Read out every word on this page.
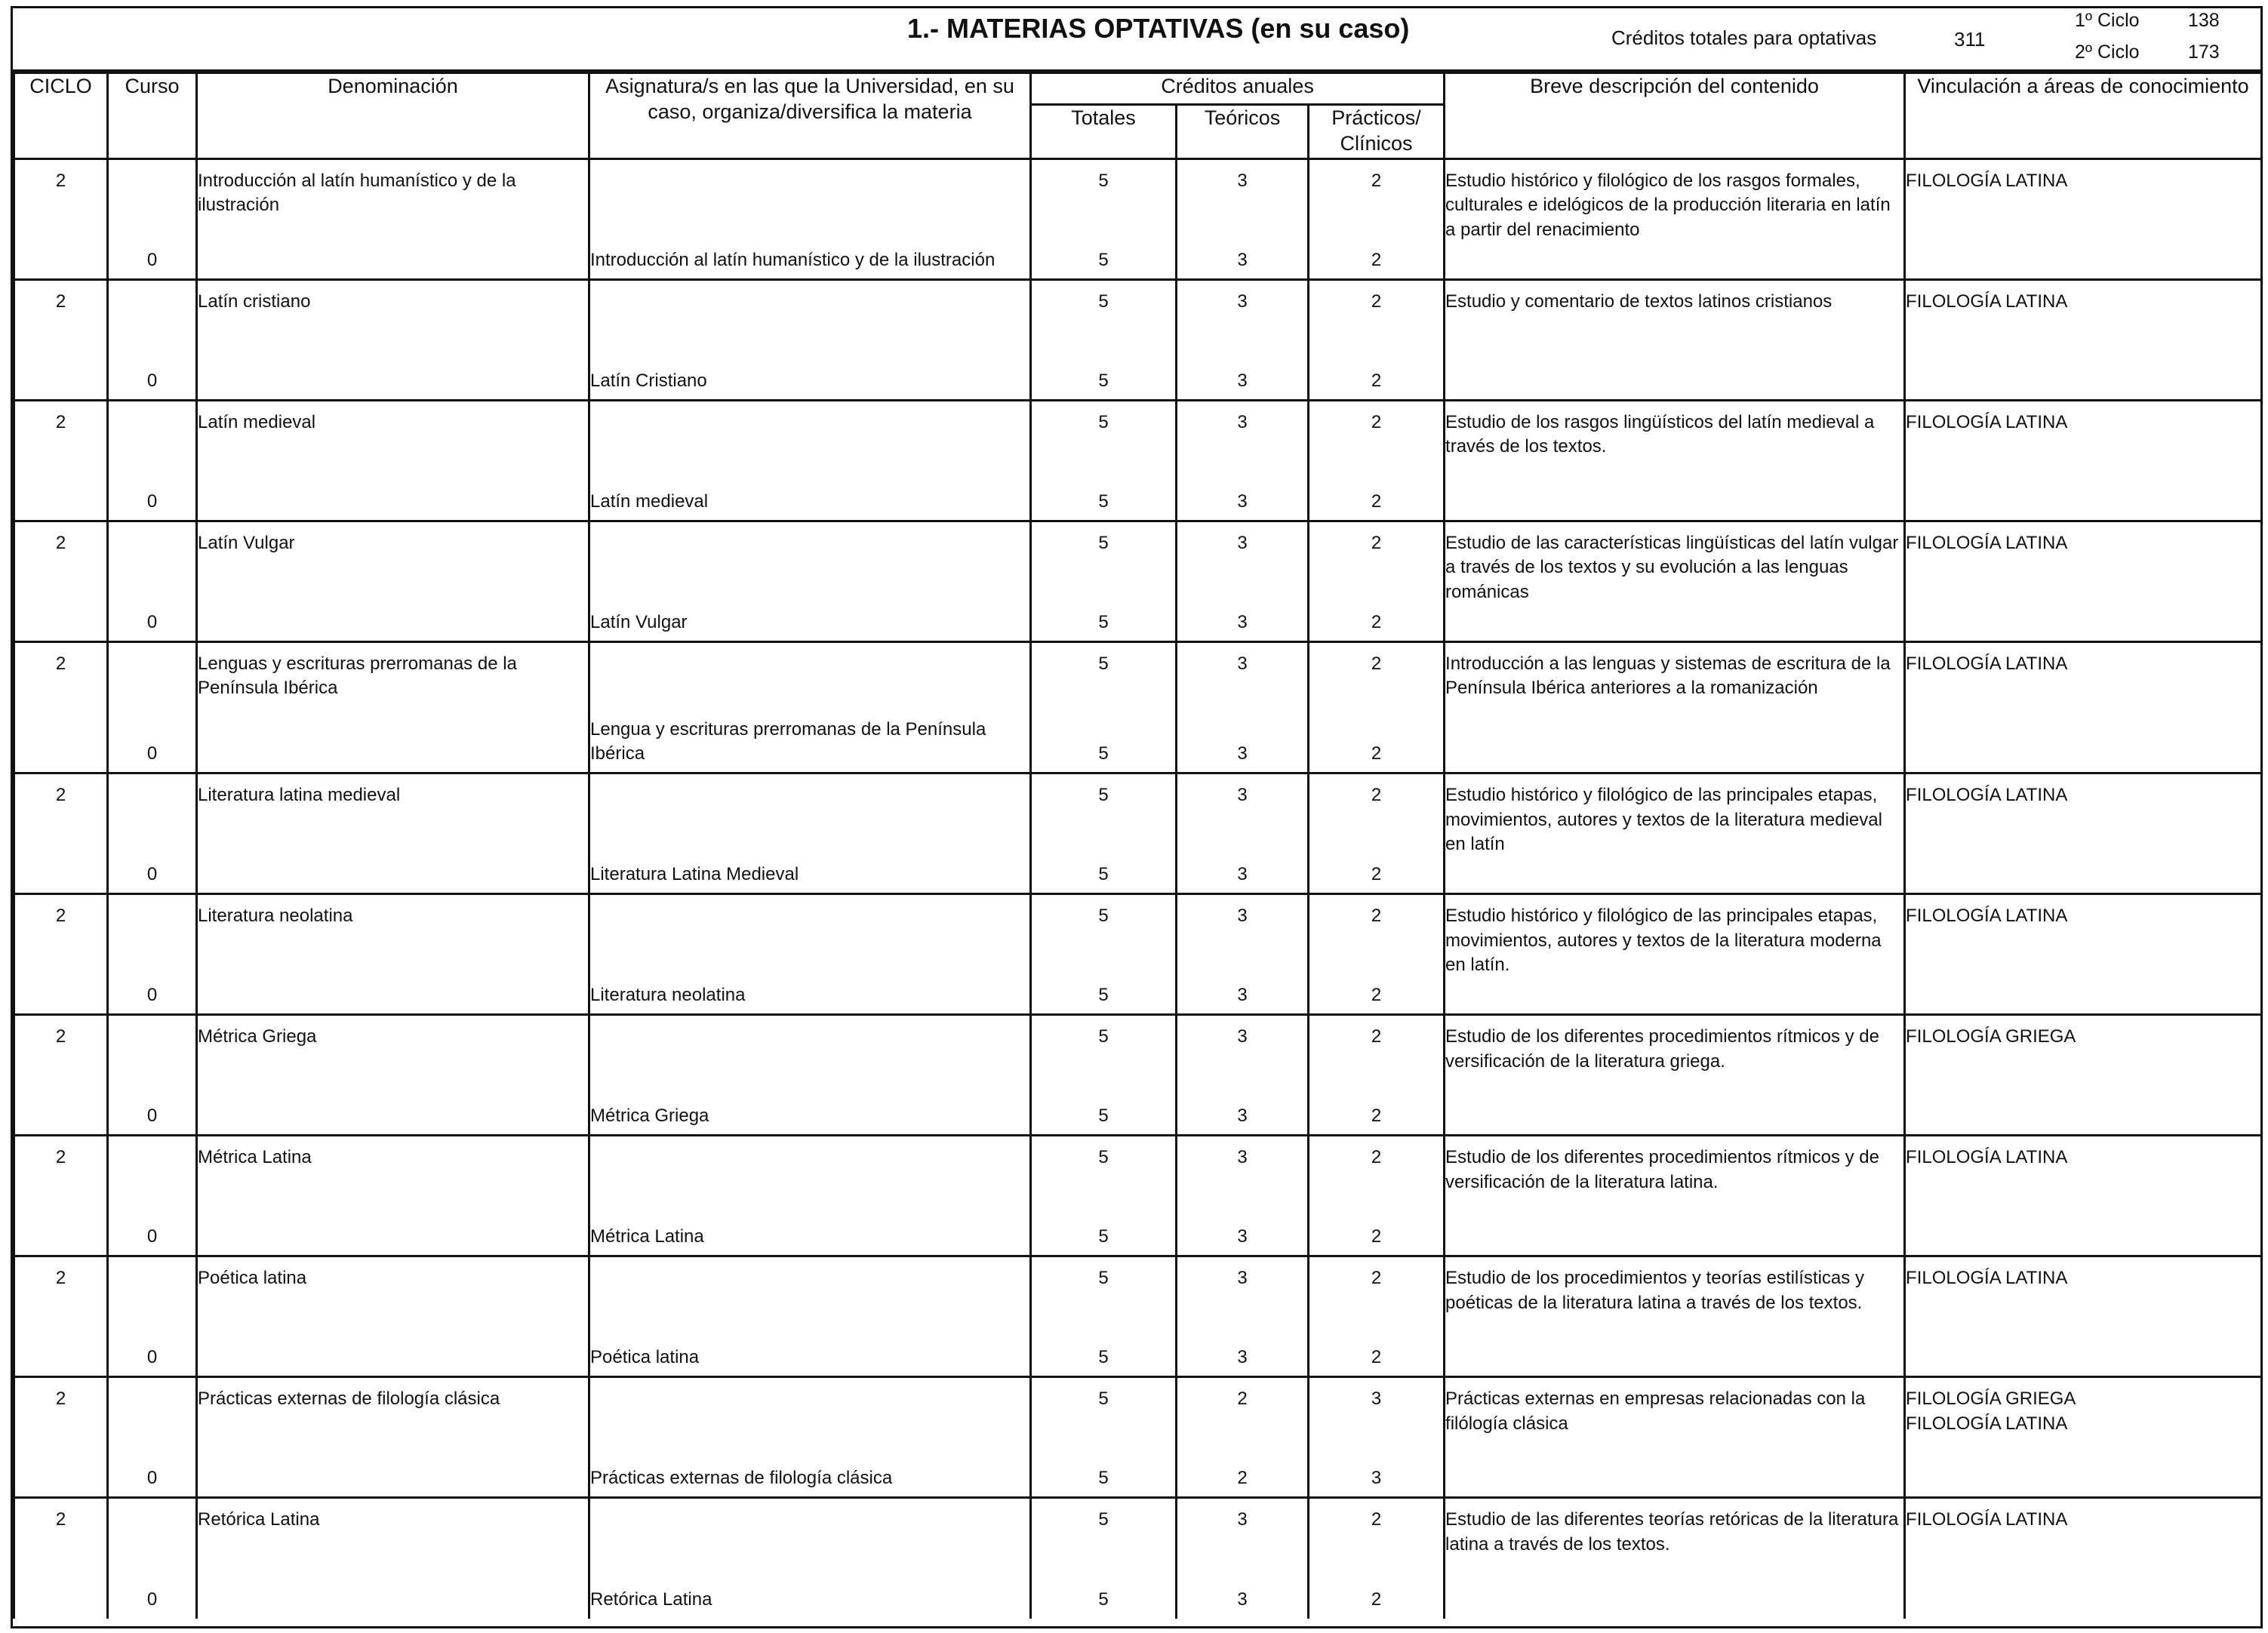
1.- MATERIAS OPTATIVAS (en su caso)	Créditos totales para optativas	311
1º Ciclo	138
2º Ciclo	173
CICLO	Curso	Denominación	Asignatura/s en las que la Universidad, en su caso, organiza/diversifica la materia	Créditos anuales			Breve descripción del contenido	Vinculación a áreas de conocimiento
				Totales	Teóricos	Prácticos/ Clínicos		
2		Introducción al latín humanístico y de la ilustración		5	3	2	Estudio histórico y filológico de los rasgos formales, culturales e idelógicos de la producción literaria en latín a partir del renacimiento	FILOLOGÍA LATINA

	0		Introducción al latín humanístico y de la ilustración	5	3	2		
2		Latín cristiano		5	3	2	Estudio y comentario de textos latinos cristianos	FILOLOGÍA LATINA

	0		Latín Cristiano	5	3	2		
2		Latín medieval		5	3	2	Estudio de los rasgos lingüísticos del latín medieval a través de los textos.	FILOLOGÍA LATINA

	0		Latín medieval	5	3	2		
2		Latín Vulgar		5	3	2	Estudio de las características lingüísticas del latín vulgar a través de los textos y su evolución a las lenguas románicas	FILOLOGÍA LATINA

	0		Latín Vulgar	5	3	2		
2		Lenguas y escrituras prerromanas de la Península Ibérica		5	3	2	Introducción a las lenguas y sistemas de escritura de la Península Ibérica anteriores a la romanización	FILOLOGÍA LATINA

	0		Lengua y escrituras prerromanas de la Península Ibérica	5	3	2		
2		Literatura latina medieval		5	3	2	Estudio histórico y filológico de las principales etapas, movimientos, autores y textos de la literatura medieval en latín	FILOLOGÍA LATINA

	0		Literatura Latina Medieval	5	3	2		
2		Literatura neolatina		5	3	2	Estudio histórico y filológico de las principales etapas, movimientos, autores y textos de la literatura moderna en latín.	FILOLOGÍA LATINA

	0		Literatura neolatina	5	3	2		
2		Métrica Griega		5	3	2	Estudio de los diferentes procedimientos rítmicos y de versificación de la literatura griega.	FILOLOGÍA GRIEGA

	0		Métrica Griega	5	3	2		
2		Métrica Latina		5	3	2	Estudio de los diferentes procedimientos rítmicos y de versificación de la literatura latina.	FILOLOGÍA LATINA

	0		Métrica Latina	5	3	2		
2		Poética latina		5	3	2	Estudio de los procedimientos y teorías estilísticas y poéticas de la literatura latina a través de los textos.	FILOLOGÍA LATINA

	0		Poética latina	5	3	2		
2		Prácticas externas de filología clásica		5	2	3	Prácticas externas en empresas relacionadas con la filólogía clásica	FILOLOGÍA GRIEGA
FILOLOGÍA LATINA

	0		Prácticas externas de filología clásica	5	2	3		
2		Retórica Latina		5	3	2	Estudio de las diferentes teorías retóricas de la literatura latina a través de los textos.	FILOLOGÍA LATINA

	0		Retórica Latina	5	3	2		
